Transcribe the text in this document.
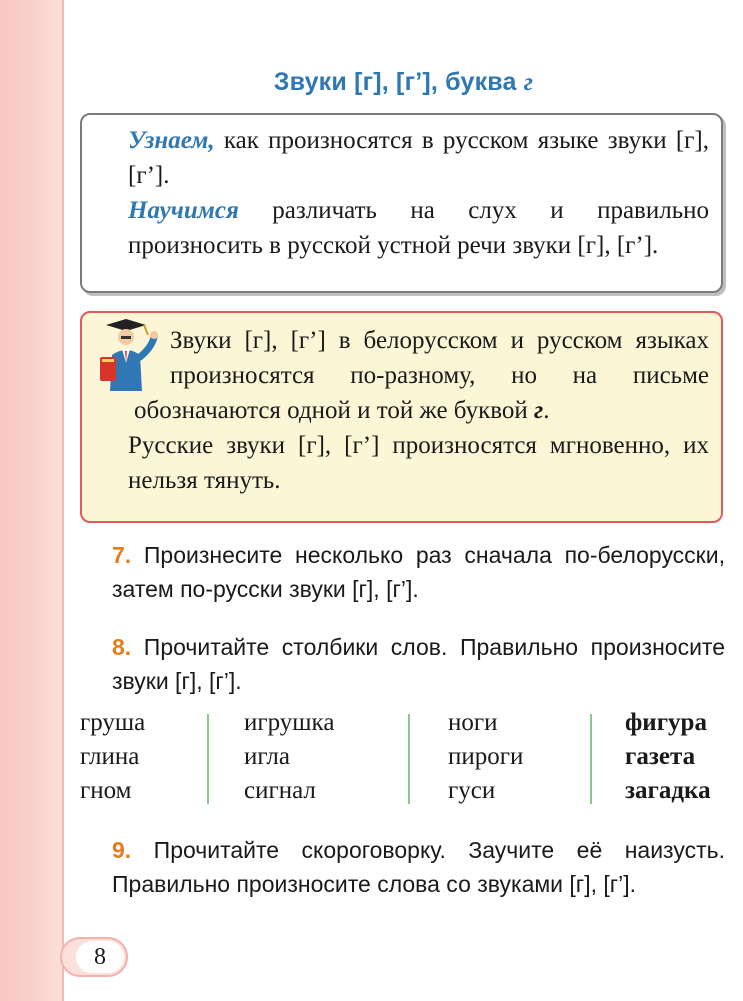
Звуки [г], [г’], буква г

Узнаем, как произносятся в русском языке звуки [г], [г’].

Научимся различать на слух и правильно произносить в русской устной речи звуки [г], [г’].

Звуки [г], [г’] в белорусском и русском языках произносятся по-разному, но на письме обозначаются одной и той же буквой г.

Русские звуки [г], [г’] произносятся мгновенно, их нельзя тянуть.

7. Произнесите несколько раз сначала по-белорусски, затем по-русски звуки [г], [г’].

8. Прочитайте столбики слов. Правильно произносите звуки [г], [г’].

груша
глина
гном
игрушка
игла
сигнал
ноги
пироги
гуси
фигура
газета
загадка

9. Прочитайте скороговорку. Заучите её наизусть. Правильно произносите слова со звуками [г], [г’].

8
